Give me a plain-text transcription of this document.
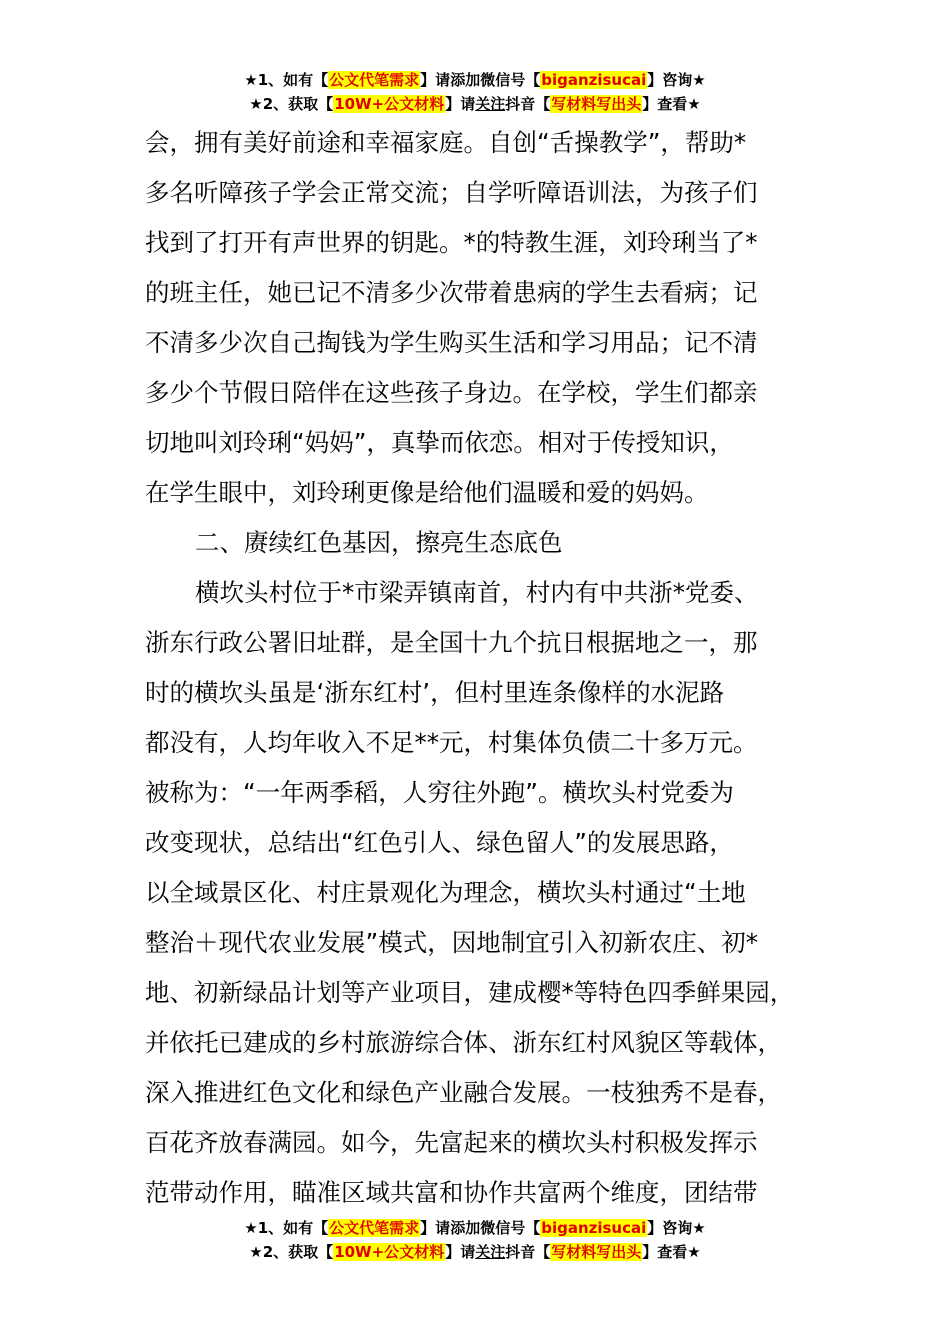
★1、如有【公文代笔需求】请添加微信号【biganzisucai】咨询★
★2、获取【10W+公文材料】请关注抖音【写材料写出头】查看★
会，拥有美好前途和幸福家庭。自创“舌操教学”，帮助*
多名听障孩子学会正常交流；自学听障语训法，为孩子们
找到了打开有声世界的钥匙。*的特教生涯，刘玲琍当了*
的班主任，她已记不清多少次带着患病的学生去看病；记
不清多少次自己掏钱为学生购买生活和学习用品；记不清
多少个节假日陪伴在这些孩子身边。在学校，学生们都亲
切地叫刘玲琍“妈妈”，真挚而依恋。相对于传授知识，
在学生眼中，刘玲琍更像是给他们温暖和爱的妈妈。
二、赓续红色基因，擦亮生态底色
横坎头村位于*市梁弄镇南首，村内有中共浙*党委、
浙东行政公署旧址群，是全国十九个抗日根据地之一，那
时的横坎头虽是‘浙东红村’，但村里连条像样的水泥路
都没有，人均年收入不足**元，村集体负债二十多万元。
被称为：“一年两季稻，人穷往外跑”。横坎头村党委为
改变现状，总结出“红色引人、绿色留人”的发展思路，
以全域景区化、村庄景观化为理念，横坎头村通过“土地
整治＋现代农业发展”模式，因地制宜引入初新农庄、初*
地、初新绿品计划等产业项目，建成樱*等特色四季鲜果园，
并依托已建成的乡村旅游综合体、浙东红村风貌区等载体，
深入推进红色文化和绿色产业融合发展。一枝独秀不是春，
百花齐放春满园。如今，先富起来的横坎头村积极发挥示
范带动作用，瞄准区域共富和协作共富两个维度，团结带
★1、如有【公文代笔需求】请添加微信号【biganzisucai】咨询★
★2、获取【10W+公文材料】请关注抖音【写材料写出头】查看★
